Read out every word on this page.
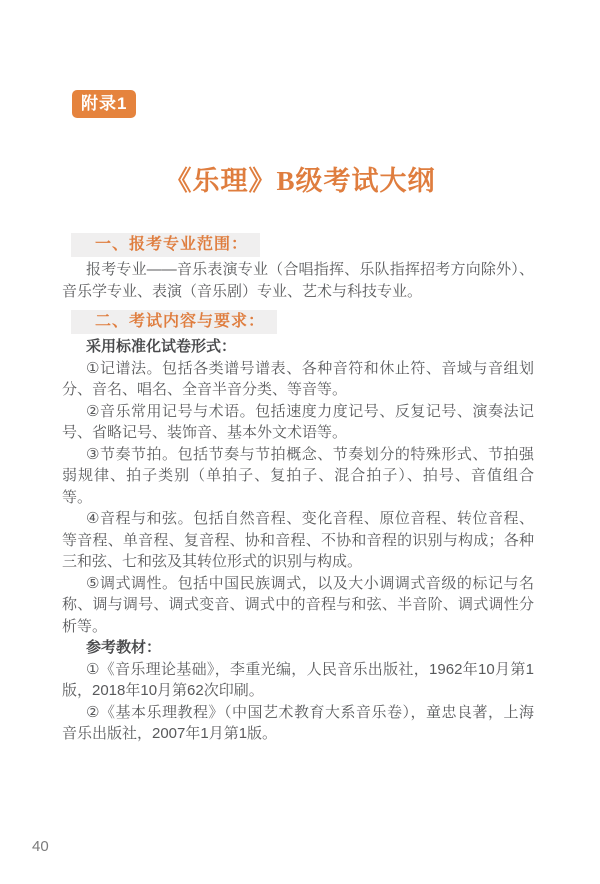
附录1
《乐理》B级考试大纲
一、报考专业范围：

报考专业——音乐表演专业（合唱指挥、乐队指挥招考方向除外）、音乐学专业、表演（音乐剧）专业、艺术与科技专业。

二、考试内容与要求：

采用标准化试卷形式：

①记谱法。包括各类谱号谱表、各种音符和休止符、音域与音组划分、音名、唱名、全音半音分类、等音等。

②音乐常用记号与术语。包括速度力度记号、反复记号、演奏法记号、省略记号、装饰音、基本外文术语等。

③节奏节拍。包括节奏与节拍概念、节奏划分的特殊形式、节拍强弱规律、拍子类别（单拍子、复拍子、混合拍子）、拍号、音值组合等。

④音程与和弦。包括自然音程、变化音程、原位音程、转位音程、等音程、单音程、复音程、协和音程、不协和音程的识别与构成；各种三和弦、七和弦及其转位形式的识别与构成。

⑤调式调性。包括中国民族调式，以及大小调调式音级的标记与名称、调与调号、调式变音、调式中的音程与和弦、半音阶、调式调性分析等。

参考教材：

①《音乐理论基础》，李重光编，人民音乐出版社，1962年10月第1版，2018年10月第62次印刷。

②《基本乐理教程》（中国艺术教育大系音乐卷），童忠良著，上海音乐出版社，2007年1月第1版。

40
